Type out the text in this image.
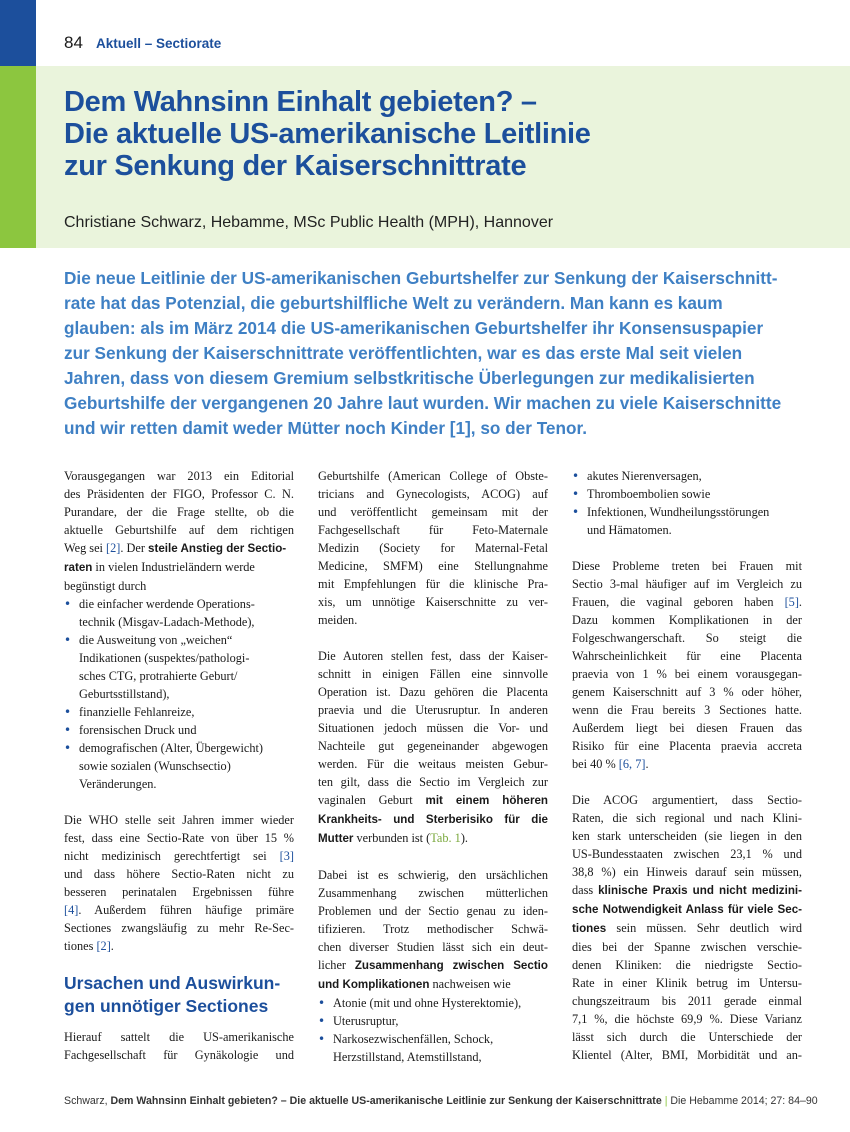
84 Aktuell – Sectiorate
Dem Wahnsinn Einhalt gebieten? –
Die aktuelle US-amerikanische Leitlinie
zur Senkung der Kaiserschnittrate
Christiane Schwarz, Hebamme, MSc Public Health (MPH), Hannover
Die neue Leitlinie der US-amerikanischen Geburtshelfer zur Senkung der Kaiserschnitt-
rate hat das Potenzial, die geburtshilfliche Welt zu verändern. Man kann es kaum
glauben: als im März 2014 die US-amerikanischen Geburtshelfer ihr Konsensuspapier
zur Senkung der Kaiserschnittrate veröffentlichten, war es das erste Mal seit vielen
Jahren, dass von diesem Gremium selbstkritische Überlegungen zur medikalisierten
Geburtshilfe der vergangenen 20 Jahre laut wurden. Wir machen zu viele Kaiserschnitte
und wir retten damit weder Mütter noch Kinder [1], so der Tenor.

Vorausgegangen war 2013 ein Editorial
des Präsidenten der FIGO, Professor C. N.
Purandare, der die Frage stellte, ob die
aktuelle Geburtshilfe auf dem richtigen
Weg sei [2]. Der steile Anstieg der Sectio-
raten in vielen Industrieländern werde
begünstigt durch

• die einfacher werdende Operations-
technik (Misgav-Ladach-Methode),
• die Ausweitung von „weichen“
Indikationen (suspektes/pathologi-
sches CTG, protrahierte Geburt/
Geburtsstillstand),
• finanzielle Fehlanreize,
• forensischen Druck und
• demografischen (Alter, Übergewicht)
sowie sozialen (Wunschsectio)
Veränderungen.

Die WHO stelle seit Jahren immer wieder
fest, dass eine Sectio-Rate von über 15 %
nicht medizinisch gerechtfertigt sei [3]
und dass höhere Sectio-Raten nicht zu
besseren perinatalen Ergebnissen führe
[4]. Außerdem führen häufige primäre
Sectiones zwangsläufig zu mehr Re-Sec-
tiones [2].

Ursachen und Auswirkun-
gen unnötiger Sectiones

Hierauf sattelt die US-amerikanische
Fachgesellschaft für Gynäkologie und

Geburtshilfe (American College of Obste-
tricians and Gynecologists, ACOG) auf
und veröffentlicht gemeinsam mit der
Fachgesellschaft für Feto-Maternale
Medizin (Society for Maternal-Fetal
Medicine, SMFM) eine Stellungnahme
mit Empfehlungen für die klinische Pra-
xis, um unnötige Kaiserschnitte zu ver-
meiden.

Die Autoren stellen fest, dass der Kaiser-
schnitt in einigen Fällen eine sinnvolle
Operation ist. Dazu gehören die Placenta
praevia und die Uterusruptur. In anderen
Situationen jedoch müssen die Vor- und
Nachteile gut gegeneinander abgewogen
werden. Für die weitaus meisten Gebur-
ten gilt, dass die Sectio im Vergleich zur
vaginalen Geburt mit einem höheren
Krankheits- und Sterberisiko für die
Mutter verbunden ist (Tab. 1).

Dabei ist es schwierig, den ursächlichen
Zusammenhang zwischen mütterlichen
Problemen und der Sectio genau zu iden-
tifizieren. Trotz methodischer Schwä-
chen diverser Studien lässt sich ein deut-
licher Zusammenhang zwischen Sectio
und Komplikationen nachweisen wie

• Atonie (mit und ohne Hysterektomie),
• Uterusruptur,
• Narkosezwischenfällen, Schock,
Herzstillstand, Atemstillstand,
• akutes Nierenversagen,
• Thromboembolien sowie
• Infektionen, Wundheilungsstörungen
und Hämatomen.

Diese Probleme treten bei Frauen mit
Sectio 3-mal häufiger auf im Vergleich zu
Frauen, die vaginal geboren haben [5].
Dazu kommen Komplikationen in der
Folgeschwangerschaft. So steigt die
Wahrscheinlichkeit für eine Placenta
praevia von 1 % bei einem vorausgegan-
genem Kaiserschnitt auf 3 % oder höher,
wenn die Frau bereits 3 Sectiones hatte.
Außerdem liegt bei diesen Frauen das
Risiko für eine Placenta praevia accreta
bei 40 % [6, 7].

Die ACOG argumentiert, dass Sectio-
Raten, die sich regional und nach Klini-
ken stark unterscheiden (sie liegen in den
US-Bundesstaaten zwischen 23,1 % und
38,8 %) ein Hinweis darauf sein müssen,
dass klinische Praxis und nicht medizini-
sche Notwendigkeit Anlass für viele Sec-
tiones sein müssen. Sehr deutlich wird
dies bei der Spanne zwischen verschie-
denen Kliniken: die niedrigste Sectio-
Rate in einer Klinik betrug im Untersu-
chungszeitraum bis 2011 gerade einmal
7,1 %, die höchste 69,9 %. Diese Varianz
lässt sich durch die Unterschiede der
Klientel (Alter, BMI, Morbidität und an-

Schwarz, Dem Wahnsinn Einhalt gebieten? – Die aktuelle US-amerikanische Leitlinie zur Senkung der Kaiserschnittrate | Die Hebamme 2014; 27: 84–90
